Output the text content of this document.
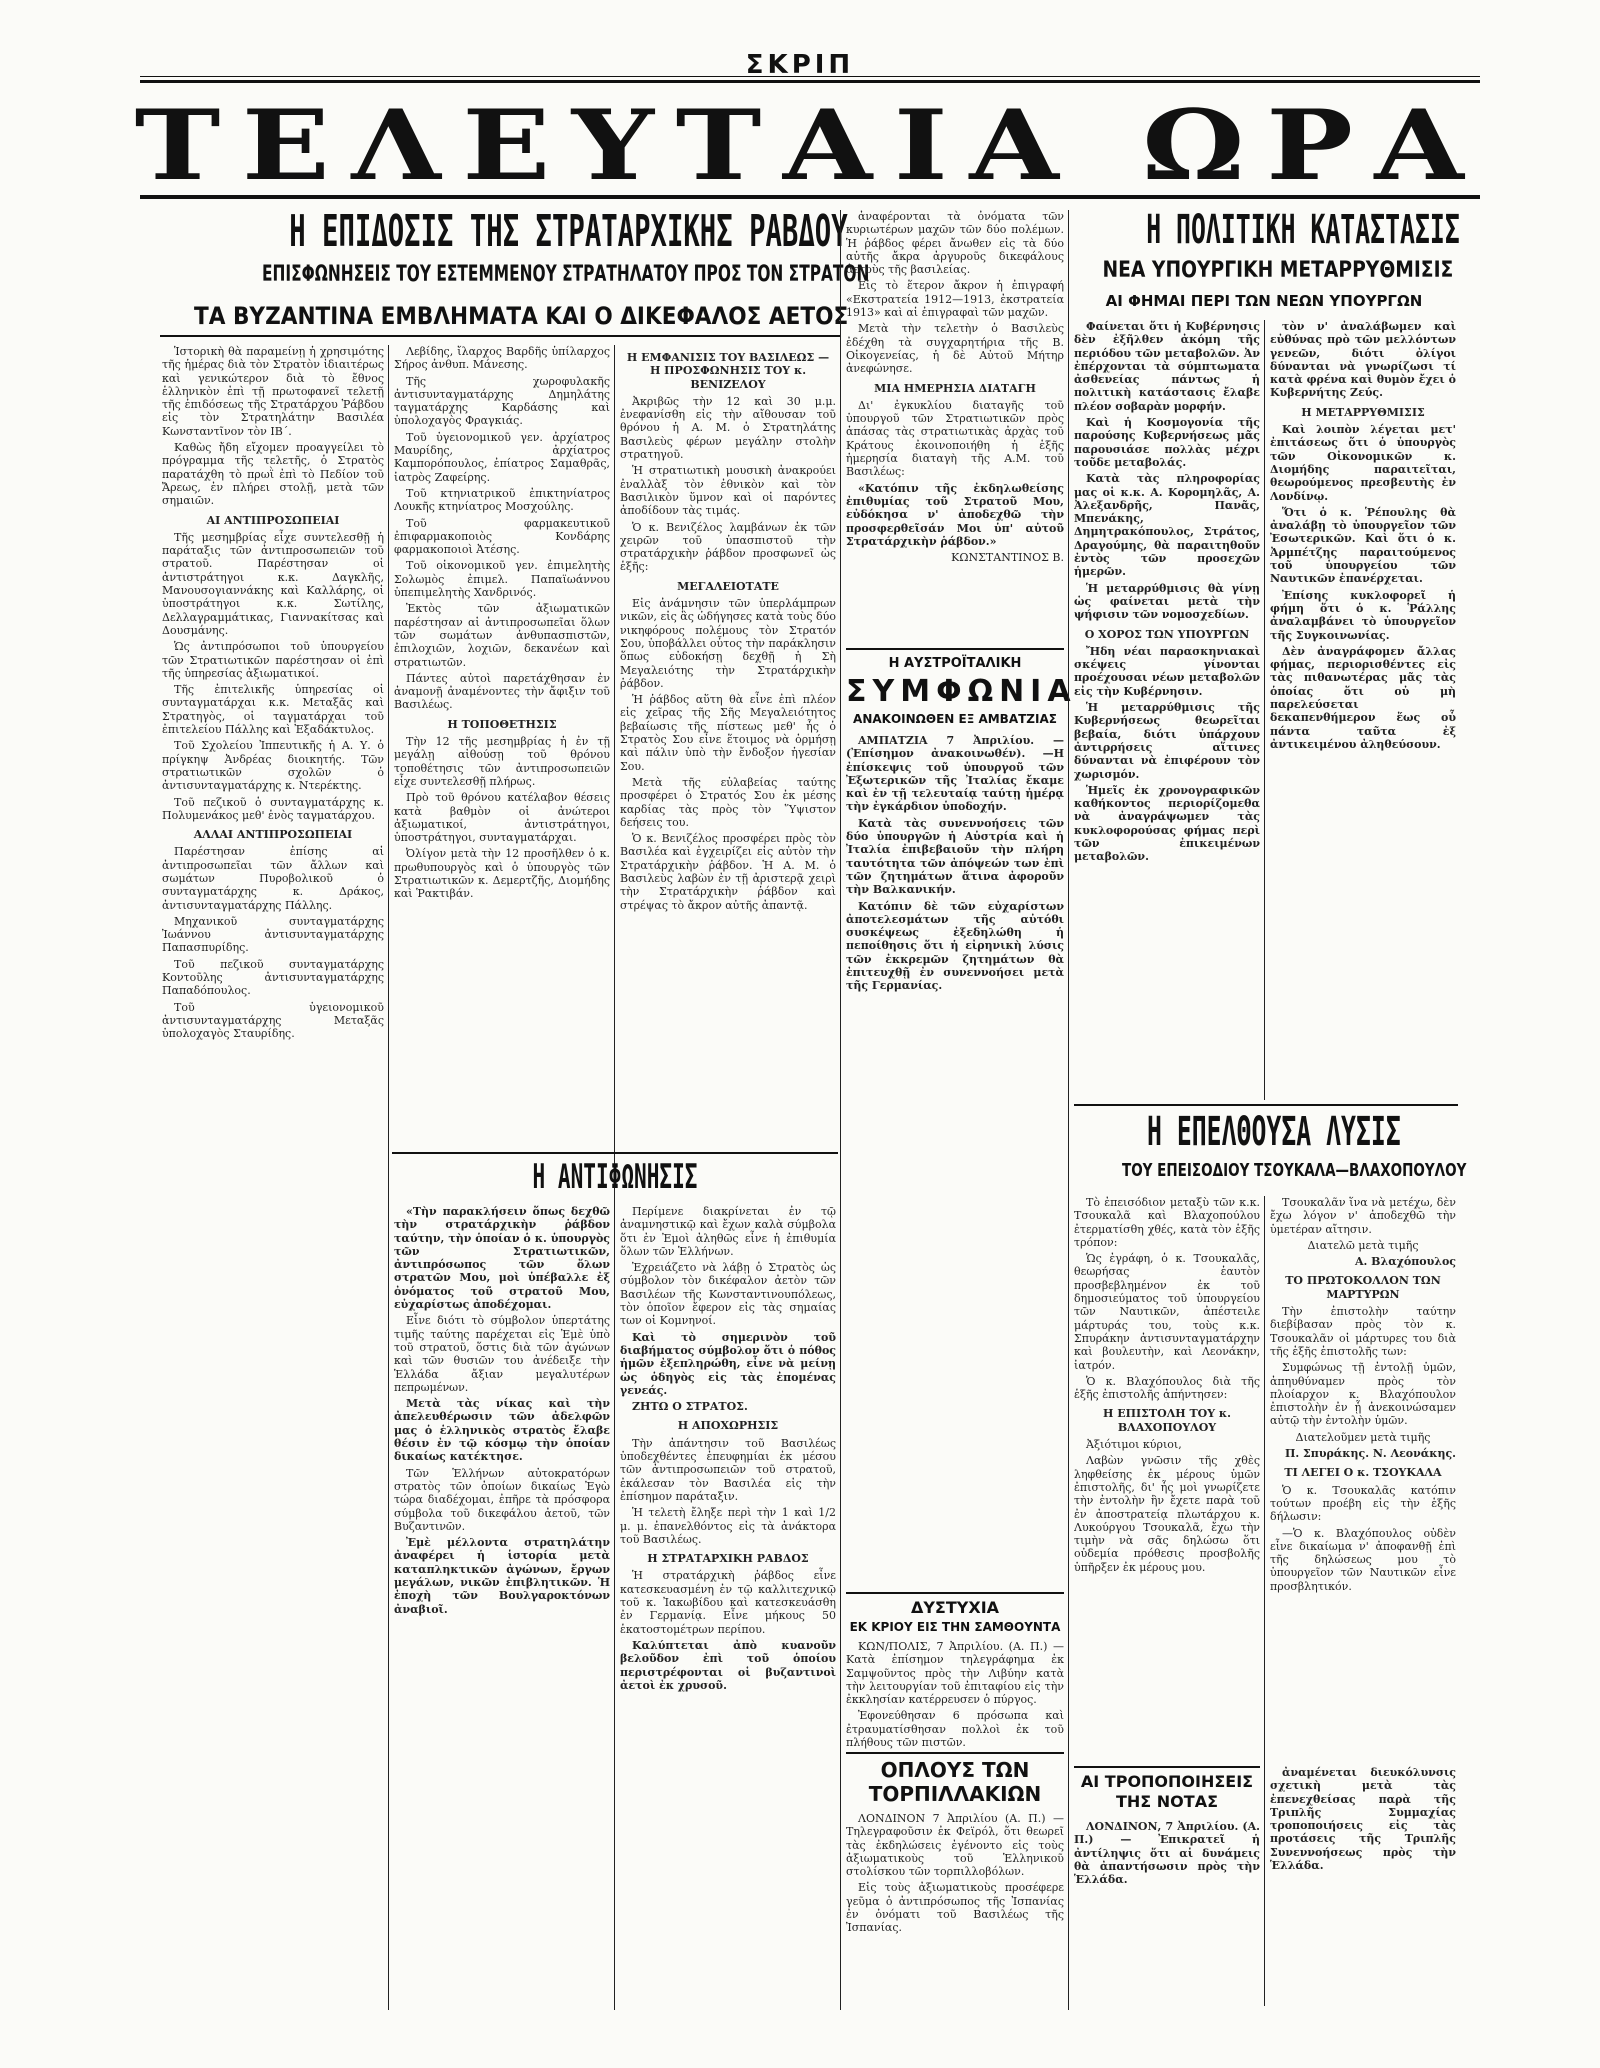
ΣΚΡΙΠ
ΤΕΛΕΥΤΑΙΑ ΩΡΑ
Η ΕΠΙΔΟΣΙΣ ΤΗΣ ΣΤΡΑΤΑΡΧΙΚΗΣ ΡΑΒΔΟΥ
ΕΠΙΣΦΩΝΗΣΕΙΣ ΤΟΥ ΕΣΤΕΜΜΕΝΟΥ ΣΤΡΑΤΗΛΑΤΟΥ ΠΡΟΣ ΤΟΝ ΣΤΡΑΤΟΝ
ΤΑ ΒΥΖΑΝΤΙΝΑ ΕΜΒΛΗΜΑΤΑ ΚΑΙ Ο ΔΙΚΕΦΑΛΟΣ ΑΕΤΟΣ

Ἱστορικὴ θὰ παραμείνῃ ἡ χρησιμότης τῆς ἡμέρας διὰ τὸν Στρατὸν ἰδιαιτέρως καὶ γενικώτερον διὰ τὸ ἔθνος ἑλληνικὸν ἐπὶ τῇ πρωτοφανεῖ τελετῇ τῆς ἐπιδόσεως τῆς Στρατάρχου Ῥάβδου εἰς τὸν Στρατηλάτην Βασιλέα Κωνσταντῖνον τὸν ΙΒ΄.

Καθὼς ἤδη εἴχομεν προαγγείλει τὸ πρόγραμμα τῆς τελετῆς, ὁ Στρατὸς παρατάχθη τὸ πρωῒ ἐπὶ τὸ Πεδίον τοῦ Ἄρεως, ἐν πλήρει στολῇ, μετὰ τῶν σημαιῶν.

ΑΙ ΑΝΤΙΠΡΟΣΩΠΕΙΑΙ

Τῆς μεσημβρίας εἶχε συντελεσθῇ ἡ παράταξις τῶν ἀντιπροσωπειῶν τοῦ στρατοῦ. Παρέστησαν οἱ ἀντιστράτηγοι κ.κ. Δαγκλῆς, Μανουσογιαννάκης καὶ Καλλάρης, οἱ ὑποστράτηγοι κ.κ. Σωτίλης, Δελλαγραμμάτικας, Γιαννακίτσας καὶ Δουσμάνης.

Ὡς ἀντιπρόσωποι τοῦ ὑπουργείου τῶν Στρατιωτικῶν παρέστησαν οἱ ἐπὶ τῆς ὑπηρεσίας ἀξιωματικοί.

Τῆς ἐπιτελικῆς ὑπηρεσίας οἱ συνταγματάρχαι κ.κ. Μεταξᾶς καὶ Στρατηγὸς, οἱ ταγματάρχαι τοῦ ἐπιτελείου Πάλλης καὶ Ἐξαδάκτυλος.

Τοῦ Σχολείου Ἰππευτικῆς ἡ Α. Υ. ὁ πρίγκηψ Ἀνδρέας διοικητής. Τῶν στρατιωτικῶν σχολῶν ὁ ἀντισυνταγματάρχης κ. Ντερέκτης.

Τοῦ πεζικοῦ ὁ συνταγματάρχης κ. Πολυμενάκος μεθ' ἑνὸς ταγματάρχου.

ΑΛΛΑΙ ΑΝΤΙΠΡΟΣΩΠΕΙΑΙ

Παρέστησαν ἐπίσης αἱ ἀντιπροσωπεῖαι τῶν ἄλλων καὶ σωμάτων Πυροβολικοῦ ὁ συνταγματάρχης κ. Δράκος, ἀντισυνταγματάρχης Πάλλης.

Μηχανικοῦ συνταγματάρχης Ἰωάννου ἀντισυνταγματάρχης Παπασπυρίδης.

Τοῦ πεζικοῦ συνταγματάρχης Κοντοῦλης ἀντισυνταγματάρχης Παπαδόπουλος.

Τοῦ ὑγειονομικοῦ ἀντισυνταγματάρχης Μεταξᾶς ὑπολοχαγὸς Σταυρίδης.

Λεβίδης, ἴλαρχος Βαρδῆς ὑπίλαρχος Σήρος ἀνθυπ. Μάνεσης.

Τῆς χωροφυλακῆς ἀντισυνταγματάρχης Δημηλάτης ταγματάρχης Καρδάσης καὶ ὑπολοχαγὸς Φραγκιάς.

Τοῦ ὑγειονομικοῦ γεν. ἀρχίατρος Μαυρίδης, ἀρχίατρος Καμπορόπουλος, ἐπίατρος Σαμαθρᾶς, ἰατρὸς Ζαφείρης.

Τοῦ κτηνιατρικοῦ ἐπικτηνίατρος Λουκῆς κτηνίατρος Μοσχούλης.

Τοῦ φαρμακευτικοῦ ἐπιφαρμακοποιὸς Κονδάρης φαρμακοποιοὶ Ἀτέσης.

Τοῦ οἰκονομικοῦ γεν. ἐπιμελητὴς Σολωμὸς ἐπιμελ. Παπαϊωάννου ὑπεπιμελητὴς Χανδρινός.

Ἐκτὸς τῶν ἀξιωματικῶν παρέστησαν αἱ ἀντιπροσωπεῖαι ὅλων τῶν σωμάτων ἀνθυπασπιστῶν, ἐπιλοχιῶν, λοχιῶν, δεκανέων καὶ στρατιωτῶν.

Πάντες αὐτοὶ παρετάχθησαν ἐν ἀναμονῇ ἀναμένοντες τὴν ἄφιξιν τοῦ Βασιλέως.

Η ΤΟΠΟΘΕΤΗΣΙΣ

Τὴν 12 τῆς μεσημβρίας ἡ ἐν τῇ μεγάλῃ αἰθούσῃ τοῦ θρόνου τοποθέτησις τῶν ἀντιπροσωπειῶν εἶχε συντελεσθῇ πλήρως.

Πρὸ τοῦ θρόνου κατέλαβον θέσεις κατὰ βαθμὸν οἱ ἀνώτεροι ἀξιωματικοί, ἀντιστράτηγοι, ὑποστράτηγοι, συνταγματάρχαι.

Ὀλίγον μετὰ τὴν 12 προσῆλθεν ὁ κ. πρωθυπουργὸς καὶ ὁ ὑπουργὸς τῶν Στρατιωτικῶν κ. Δεμερτζῆς, Διομήδης καὶ Ῥακτιβάν.

Η ΕΜΦΑΝΙΣΙΣ ΤΟΥ ΒΑΣΙΛΕΩΣ — Η ΠΡΟΣΦΩΝΗΣΙΣ ΤΟΥ κ. ΒΕΝΙΖΕΛΟΥ

Ἀκριβῶς τὴν 12 καὶ 30 μ.μ. ἐνεφανίσθη εἰς τὴν αἴθουσαν τοῦ θρόνου ἡ Α. Μ. ὁ Στρατηλάτης Βασιλεὺς φέρων μεγάλην στολὴν στρατηγοῦ.

Ἡ στρατιωτικὴ μουσικὴ ἀνακρούει ἐναλλὰξ τὸν ἐθνικὸν καὶ τὸν Βασιλικὸν ὕμνον καὶ οἱ παρόντες ἀποδίδουν τὰς τιμάς.

Ὁ κ. Βενιζέλος λαμβάνων ἐκ τῶν χειρῶν τοῦ ὑπασπιστοῦ τὴν στρατάρχικὴν ῥάβδον προσφωνεῖ ὡς ἑξῆς:

ΜΕΓΑΛΕΙΟΤΑΤΕ

Εἰς ἀνάμνησιν τῶν ὑπερλάμπρων νικῶν, εἰς ἃς ὡδήγησες κατὰ τοὺς δύο νικηφόρους πολέμους τὸν Στρατόν Σου, ὑποβάλλει οὗτος τὴν παράκλησιν ὅπως εὐδοκήσῃ δεχθῇ ἡ Σὴ Μεγαλειότης τὴν Στρατάρχικὴν ῥάβδον.

Ἡ ῥάβδος αὕτη θὰ εἶνε ἐπὶ πλέον εἰς χεῖρας τῆς Σῆς Μεγαλειότητος βεβαίωσις τῆς πίστεως μεθ' ἧς ὁ Στρατὸς Σου εἶνε ἕτοιμος νὰ ὁρμήσῃ καὶ πάλιν ὑπὸ τὴν ἔνδοξον ἡγεσίαν Σου.

Μετὰ τῆς εὐλαβείας ταύτης προσφέρει ὁ Στρατός Σου ἐκ μέσης καρδίας τὰς πρὸς τὸν Ὕψιστον δεήσεις του.

Ὁ κ. Βενιζέλος προσφέρει πρὸς τὸν Βασιλέα καὶ ἐγχειρίζει εἰς αὐτὸν τὴν Στρατάρχικὴν ῥάβδον. Ἡ Α. Μ. ὁ Βασιλεὺς λαβὼν ἐν τῇ ἀριστερᾷ χειρὶ τὴν Στρατάρχικὴν ῥάβδον καὶ στρέψας τὸ ἄκρον αὐτῆς ἀπαντᾷ.

Η ΑΝΤΙΦΩΝΗΣΙΣ

«Τὴν παρακλήσειν ὅπως δεχθῶ τὴν στρατάρχικὴν ῥάβδον ταύτην, τὴν ὁποίαν ὁ κ. ὑπουργὸς τῶν Στρατιωτικῶν, ἀντιπρόσωπος τῶν ὅλων στρατῶν Μου, μοὶ ὑπέβαλλε ἐξ ὀνόματος τοῦ στρατοῦ Μου, εὐχαρίστως ἀποδέχομαι.

Εἶνε διότι τὸ σύμβολον ὑπερτάτης τιμῆς ταύτης παρέχεται εἰς Ἐμὲ ὑπὸ τοῦ στρατοῦ, ὅστις διὰ τῶν ἀγώνων καὶ τῶν θυσιῶν του ἀνέδειξε τὴν Ἑλλάδα ἄξιαν μεγαλυτέρων πεπρωμένων.

Μετὰ τὰς νίκας καὶ τὴν ἀπελευθέρωσιν τῶν ἀδελφῶν μας ὁ ἑλληνικὸς στρατὸς ἔλαβε θέσιν ἐν τῷ κόσμῳ τὴν ὁποίαν δικαίως κατέκτησε.

Τῶν Ἑλλήνων αὐτοκρατόρων στρατὸς τῶν ὁποίων δικαίως Ἐγὼ τώρα διαδέχομαι, ἐπῆρε τὰ πρόσφορα σύμβολα τοῦ δικεφάλου ἀετοῦ, τῶν Βυζαντινῶν.

Ἐμὲ μέλλοντα στρατηλάτην ἀναφέρει ἡ ἱστορία μετὰ καταπληκτικῶν ἀγώνων, ἔργων μεγάλων, νικῶν ἐπιβλητικῶν. Ἡ ἐποχὴ τῶν Βουλγαροκτόνων ἀναβιοῖ.

Περίμενε διακρίνεται ἐν τῷ ἀναμνηστικῷ καὶ ἔχων καλὰ σύμβολα ὅτι ἐν Ἐμοὶ ἀληθῶς εἶνε ἡ ἐπιθυμία ὅλων τῶν Ἑλλήνων.

Ἐχρειάζετο νὰ λάβῃ ὁ Στρατὸς ὡς σύμβολον τὸν δικέφαλον ἀετὸν τῶν Βασιλέων τῆς Κωνσταντινουπόλεως, τὸν ὁποῖον ἔφερον εἰς τὰς σημαίας των οἱ Κομνηνοί.

Καὶ τὸ σημερινὸν τοῦ διαβήματος σύμβολον ὅτι ὁ πόθος ἡμῶν ἐξεπληρώθη, εἶνε νὰ μείνῃ ὡς ὁδηγὸς εἰς τὰς ἐπομένας γενεάς.

ΖΗΤΩ Ο ΣΤΡΑΤΟΣ.

Η ΑΠΟΧΩΡΗΣΙΣ

Τὴν ἀπάντησιν τοῦ Βασιλέως ὑποδεχθέντες ἐπευφημίαι ἐκ μέσου τῶν ἀντιπροσωπειῶν τοῦ στρατοῦ, ἐκάλεσαν τὸν Βασιλέα εἰς τὴν ἐπίσημον παράταξιν.

Ἡ τελετὴ ἔληξε περὶ τὴν 1 καὶ 1/2 μ. μ. ἐπανελθόντος εἰς τὰ ἀνάκτορα τοῦ Βασιλέως.

Η ΣΤΡΑΤΑΡΧΙΚΗ ΡΑΒΔΟΣ

Ἡ στρατάρχικὴ ῥάβδος εἶνε κατεσκευασμένη ἐν τῷ καλλιτεχνικῷ τοῦ κ. Ἰακωβίδου καὶ κατεσκευάσθη ἐν Γερμανίᾳ. Εἶνε μήκους 50 ἑκατοστομέτρων περίπου.

Καλύπτεται ἀπὸ κυανοῦν βελοῦδον ἐπὶ τοῦ ὁποίου περιστρέφονται οἱ βυζαντινοὶ ἀετοὶ ἐκ χρυσοῦ.

ἀναφέρονται τὰ ὀνόματα τῶν κυριωτέρων μαχῶν τῶν δύο πολέμων. Ἡ ῥάβδος φέρει ἄνωθεν εἰς τὰ δύο αὐτῆς ἄκρα ἀργυροῦς δικεφάλους ἀετοὺς τῆς βασιλείας.

Εἰς τὸ ἕτερον ἄκρον ἡ ἐπιγραφή «Εκστρατεία 1912—1913, ἐκστρατεία 1913» καὶ αἱ ἐπιγραφαὶ τῶν μαχῶν.

Μετὰ τὴν τελετὴν ὁ Βασιλεὺς ἐδέχθη τὰ συγχαρητήρια τῆς Β. Οἰκογενείας, ἡ δὲ Αὐτοῦ Μήτηρ ἀνεφώνησε.

ΜΙΑ ΗΜΕΡΗΣΙΑ ΔΙΑΤΑΓΗ

Δι' ἐγκυκλίου διαταγῆς τοῦ ὑπουργοῦ τῶν Στρατιωτικῶν πρὸς ἁπάσας τὰς στρατιωτικὰς ἀρχὰς τοῦ Κράτους ἐκοινοποιήθη ἡ ἑξῆς ἡμερησία διαταγὴ τῆς Α.Μ. τοῦ Βασιλέως:

«Κατόπιν τῆς ἐκδηλωθείσης ἐπιθυμίας τοῦ Στρατοῦ Μου, εὐδόκησα ν' ἀποδεχθῶ τὴν προσφερθεῖσάν Μοι ὑπ' αὐτοῦ Στρατάρχικὴν ῥάβδον.»

ΚΩΝΣΤΑΝΤΙΝΟΣ Β.

Η ΑΥΣΤΡΟΪΤΑΛΙΚΗ
ΣΥΜΦΩΝΙΑ
ΑΝΑΚΟΙΝΩΘΕΝ ΕΞ ΑΜΒΑΤΖΙΑΣ

ΑΜΠΑΤΖΙΑ 7 Ἀπριλίου. — (Ἐπίσημον ἀνακοινωθέν). —Η ἐπίσκεψις τοῦ ὑπουργοῦ τῶν Ἐξωτερικῶν τῆς Ἰταλίας ἔκαμε καὶ ἐν τῇ τελευταίᾳ ταύτῃ ἡμέρᾳ τὴν ἐγκάρδιον ὑποδοχήν.

Κατὰ τὰς συνεννοήσεις τῶν δύο ὑπουργῶν ἡ Αὐστρία καὶ ἡ Ἰταλία ἐπιβεβαιοῦν τὴν πλήρη ταυτότητα τῶν ἀπόψεών των ἐπὶ τῶν ζητημάτων ἅτινα ἀφοροῦν τὴν Βαλκανικήν.

Κατόπιν δὲ τῶν εὐχαρίστων ἀποτελεσμάτων τῆς αὐτόθι συσκέψεως ἐξεδηλώθη ἡ πεποίθησις ὅτι ἡ εἰρηνικὴ λύσις τῶν ἐκκρεμῶν ζητημάτων θὰ ἐπιτευχθῇ ἐν συνεννοήσει μετὰ τῆς Γερμανίας.

ΔΥΣΤΥΧΙΑ
ΕΚ ΚΡΙΟΥ ΕΙΣ ΤΗΝ ΣΑΜΘΟΥΝΤΑ

ΚΩΝ/ΠΟΛΙΣ, 7 Ἀπριλίου. (Α. Π.) — Κατὰ ἐπίσημον τηλεγράφημα ἐκ Σαμψοῦντος πρὸς τὴν Λιβύην κατὰ τὴν λειτουργίαν τοῦ ἐπιταφίου εἰς τὴν ἐκκλησίαν κατέρρευσεν ὁ πύργος.

Ἐφονεύθησαν 6 πρόσωπα καὶ ἐτραυματίσθησαν πολλοὶ ἐκ τοῦ πλήθους τῶν πιστῶν.

ΟΠΛΟΥΣ ΤΩΝ ΤΟΡΠΙΛΛΑΚΙΩΝ

ΛΟΝΔΙΝΟΝ 7 Ἀπριλίου (Α. Π.) — Τηλεγραφοῦσιν ἐκ Φεϊρόλ, ὅτι θεωρεῖ τὰς ἐκδηλώσεις ἐγένοντο εἰς τοὺς ἀξιωματικοὺς τοῦ Ἑλληνικοῦ στολίσκου τῶν τορπιλλοβόλων.

Εἰς τοὺς ἀξιωματικοὺς προσέφερε γεῦμα ὁ ἀντιπρόσωπος τῆς Ἰσπανίας ἐν ὀνόματι τοῦ Βασιλέως τῆς Ἰσπανίας.

Η ΠΟΛΙΤΙΚΗ ΚΑΤΑΣΤΑΣΙΣ
ΝΕΑ ΥΠΟΥΡΓΙΚΗ ΜΕΤΑΡΡΥΘΜΙΣΙΣ
ΑΙ ΦΗΜΑΙ ΠΕΡΙ ΤΩΝ ΝΕΩΝ ΥΠΟΥΡΓΩΝ

Φαίνεται ὅτι ἡ Κυβέρνησις δὲν ἐξῆλθεν ἀκόμη τῆς περιόδου τῶν μεταβολῶν. Ἀν ἐπέρχονται τὰ σύμπτωματα ἀσθενείας πάντως ἡ πολιτικὴ κατάστασις ἔλαβε πλέον σοβαρὰν μορφήν.

Καὶ ἡ Κοσμογονία τῆς παρούσης Κυβερνήσεως μᾶς παρουσιάσε πολλὰς μέχρι τοῦδε μεταβολάς.

Κατὰ τὰς πληροφορίας μας οἱ κ.κ. Α. Κορομηλᾶς, Α. Ἀλεξανδρῆς, Πανᾶς, Μπενάκης, Δημητρακόπουλος, Στράτος, Δραγούμης, θὰ παραιτηθοῦν ἐντὸς τῶν προσεχῶν ἡμερῶν.

Ἡ μεταρρύθμισις θὰ γίνῃ ὡς φαίνεται μετὰ τὴν ψήφισιν τῶν νομοσχεδίων.

Ο ΧΟΡΟΣ ΤΩΝ ΥΠΟΥΡΓΩΝ

Ἤδη νέαι παρασκηνιακαὶ σκέψεις γίνονται προέχουσαι νέων μεταβολῶν εἰς τὴν Κυβέρνησιν.

Ἡ μεταρρύθμισις τῆς Κυβερνήσεως θεωρεῖται βεβαία, διότι ὑπάρχουν ἀντιρρήσεις αἵτινες δύνανται νὰ ἐπιφέρουν τὸν χωρισμόν.

Ἡμεῖς ἐκ χρονογραφικῶν καθήκοντος περιορίζομεθα νὰ ἀναγράψωμεν τὰς κυκλοφορούσας φήμας περὶ τῶν ἐπικειμένων μεταβολῶν.

τὸν ν' ἀναλάβωμεν καὶ εὐθύνας πρὸ τῶν μελλόντων γενεῶν, διότι ὀλίγοι δύνανται νὰ γνωρίζωσι τί κατὰ φρένα καὶ θυμὸν ἔχει ὁ Κυβερνήτης Ζεύς.

Η ΜΕΤΑΡΡΥΘΜΙΣΙΣ

Καὶ λοιπὸν λέγεται μετ' ἐπιτάσεως ὅτι ὁ ὑπουργὸς τῶν Οἰκονομικῶν κ. Διομήδης παραιτεῖται, θεωρούμενος πρεσβευτὴς ἐν Λονδίνῳ.

Ὅτι ὁ κ. Ῥέπουλης θὰ ἀναλάβῃ τὸ ὑπουργεῖον τῶν Ἐσωτερικῶν. Καὶ ὅτι ὁ κ. Ἀρμπέτζης παραιτούμενος τοῦ ὑπουργείου τῶν Ναυτικῶν ἐπανέρχεται.

Ἐπίσης κυκλοφορεῖ ἡ φήμη ὅτι ὁ κ. Ῥάλλης ἀναλαμβάνει τὸ ὑπουργεῖον τῆς Συγκοινωνίας.

Δὲν ἀναγράφομεν ἄλλας φήμας, περιορισθέντες εἰς τὰς πιθανωτέρας μᾶς τὰς ὁποίας ὅτι οὐ μὴ παρελεύσεται δεκαπενθήμερον ἕως οὗ πάντα ταῦτα ἐξ ἀντικειμένου ἀληθεύσουν.

Η ΕΠΕΛΘΟΥΣΑ ΛΥΣΙΣ
ΤΟΥ ΕΠΕΙΣΟΔΙΟΥ ΤΣΟΥΚΑΛΑ—ΒΛΑΧΟΠΟΥΛΟΥ

Τὸ ἐπεισόδιον μεταξὺ τῶν κ.κ. Τσουκαλᾶ καὶ Βλαχοπούλου ἐτερματίσθη χθές, κατὰ τὸν ἑξῆς τρόπον:

Ὡς ἐγράφη, ὁ κ. Τσουκαλᾶς, θεωρήσας ἑαυτὸν προσβεβλημένον ἐκ τοῦ δημοσιεύματος τοῦ ὑπουργείου τῶν Ναυτικῶν, ἀπέστειλε μάρτυράς του, τοὺς κ.κ. Σπυράκην ἀντισυνταγματάρχην καὶ βουλευτὴν, καὶ Λεονάκην, ἰατρόν.

Ὁ κ. Βλαχόπουλος διὰ τῆς ἑξῆς ἐπιστολῆς ἀπήντησεν:

Η ΕΠΙΣΤΟΛΗ ΤΟΥ κ. ΒΛΑΧΟΠΟΥΛΟΥ

Ἀξιότιμοι κύριοι,

Λαβὼν γνῶσιν τῆς χθὲς ληφθείσης ἐκ μέρους ὑμῶν ἐπιστολῆς, δι' ἧς μοὶ γνωρίζετε τὴν ἐντολὴν ἣν ἔχετε παρὰ τοῦ ἐν ἀποστρατείᾳ πλωτάρχου κ. Λυκούργου Τσουκαλᾶ, ἔχω τὴν τιμὴν νὰ σᾶς δηλώσω ὅτι οὐδεμία πρόθεσις προσβολῆς ὑπῆρξεν ἐκ μέρους μου.

Τσουκαλᾶν ἵνα νὰ μετέχω, δὲν ἔχω λόγον ν' ἀποδεχθῶ τὴν ὑμετέραν αἴτησιν.

Διατελῶ μετὰ τιμῆς

Α. Βλαχόπουλος

ΤΟ ΠΡΩΤΟΚΟΛΛΟΝ ΤΩΝ ΜΑΡΤΥΡΩΝ

Τὴν ἐπιστολὴν ταύτην διεβίβασαν πρὸς τὸν κ. Τσουκαλᾶν οἱ μάρτυρες του διὰ τῆς ἑξῆς ἐπιστολῆς των:

Συμφώνως τῇ ἐντολῇ ὑμῶν, ἀπηυθύναμεν πρὸς τὸν πλοίαρχον κ. Βλαχόπουλον ἐπιστολὴν ἐν ᾗ ἀνεκοινώσαμεν αὐτῷ τὴν ἐντολὴν ὑμῶν.

Διατελοῦμεν μετὰ τιμῆς

Π. Σπυράκης. Ν. Λεονάκης.

ΤΙ ΛΕΓΕΙ Ο κ. ΤΣΟΥΚΑΛΑ

Ὁ κ. Τσουκαλᾶς κατόπιν τούτων προέβη εἰς τὴν ἑξῆς δήλωσιν:

—Ὁ κ. Βλαχόπουλος οὐδὲν εἶνε δικαίωμα ν' ἀποφανθῇ ἐπὶ τῆς δηλώσεως μου τὸ ὑπουργεῖον τῶν Ναυτικῶν εἶνε προσβλητικόν.

ΑΙ ΤΡΟΠΟΠΟΙΗΣΕΙΣ ΤΗΣ ΝΟΤΑΣ

ΛΟΝΔΙΝΟΝ, 7 Ἀπριλίου. (Α. Π.) — Ἐπικρατεῖ ἡ ἀντίληψις ὅτι αἱ δυνάμεις θὰ ἀπαντήσωσιν πρὸς τὴν Ἑλλάδα.

ἀναμένεται διευκόλυνσις σχετικὴ μετὰ τὰς ἐπενεχθείσας παρὰ τῆς Τριπλῆς Συμμαχίας τροποποιήσεις εἰς τὰς προτάσεις τῆς Τριπλῆς Συνεννοήσεως πρὸς τὴν Ἑλλάδα.
